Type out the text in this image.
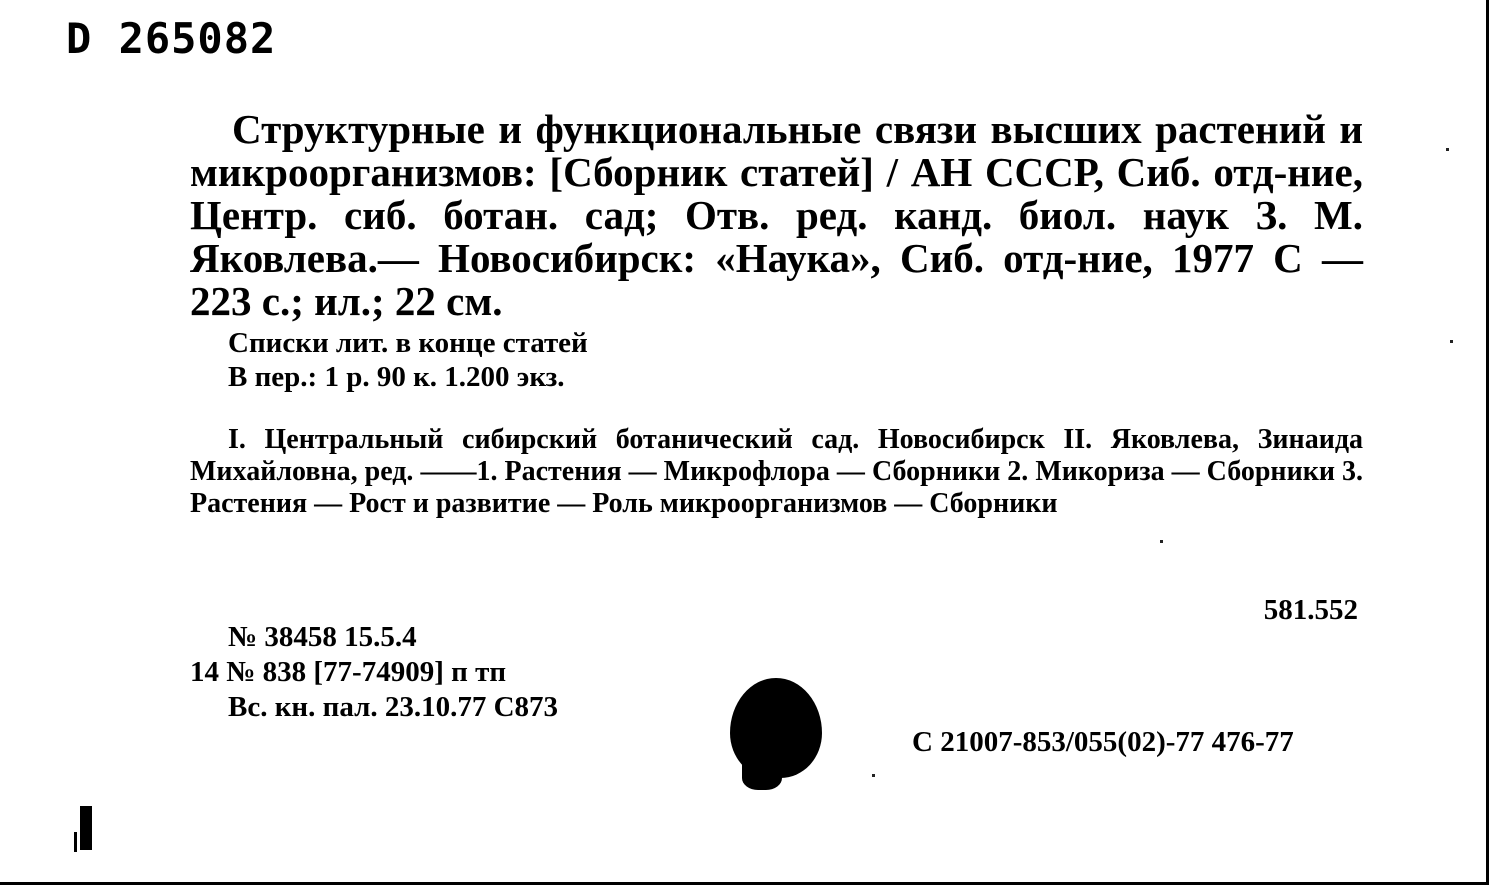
D 265082
Структурные и функциональные связи высших растений и микроорганизмов: [Сборник статей] / АН СССР, Сиб. отд-ние, Центр. сиб. ботан. сад; Отв. ред. канд. биол. наук З. М. Яковлева.— Новосибирск: «Наука», Сиб. отд-ние, 1977 С — 223 с.; ил.; 22 см.
Списки лит. в конце статей
В пер.: 1 р. 90 к. 1.200 экз.
I. Центральный сибирский ботанический сад. Новосибирск II. Яковлева, Зинаида Михайловна, ред. ——1. Растения — Микрофлора — Сборники 2. Микориза — Сборники 3. Растения — Рост и развитие — Роль микроорганизмов — Сборники
581.552
№ 38458 15.5.4
14 № 838 [77-74909] п тп
Вс. кн. пал. 23.10.77 С873
С 21007-853/055(02)-77 476-77
